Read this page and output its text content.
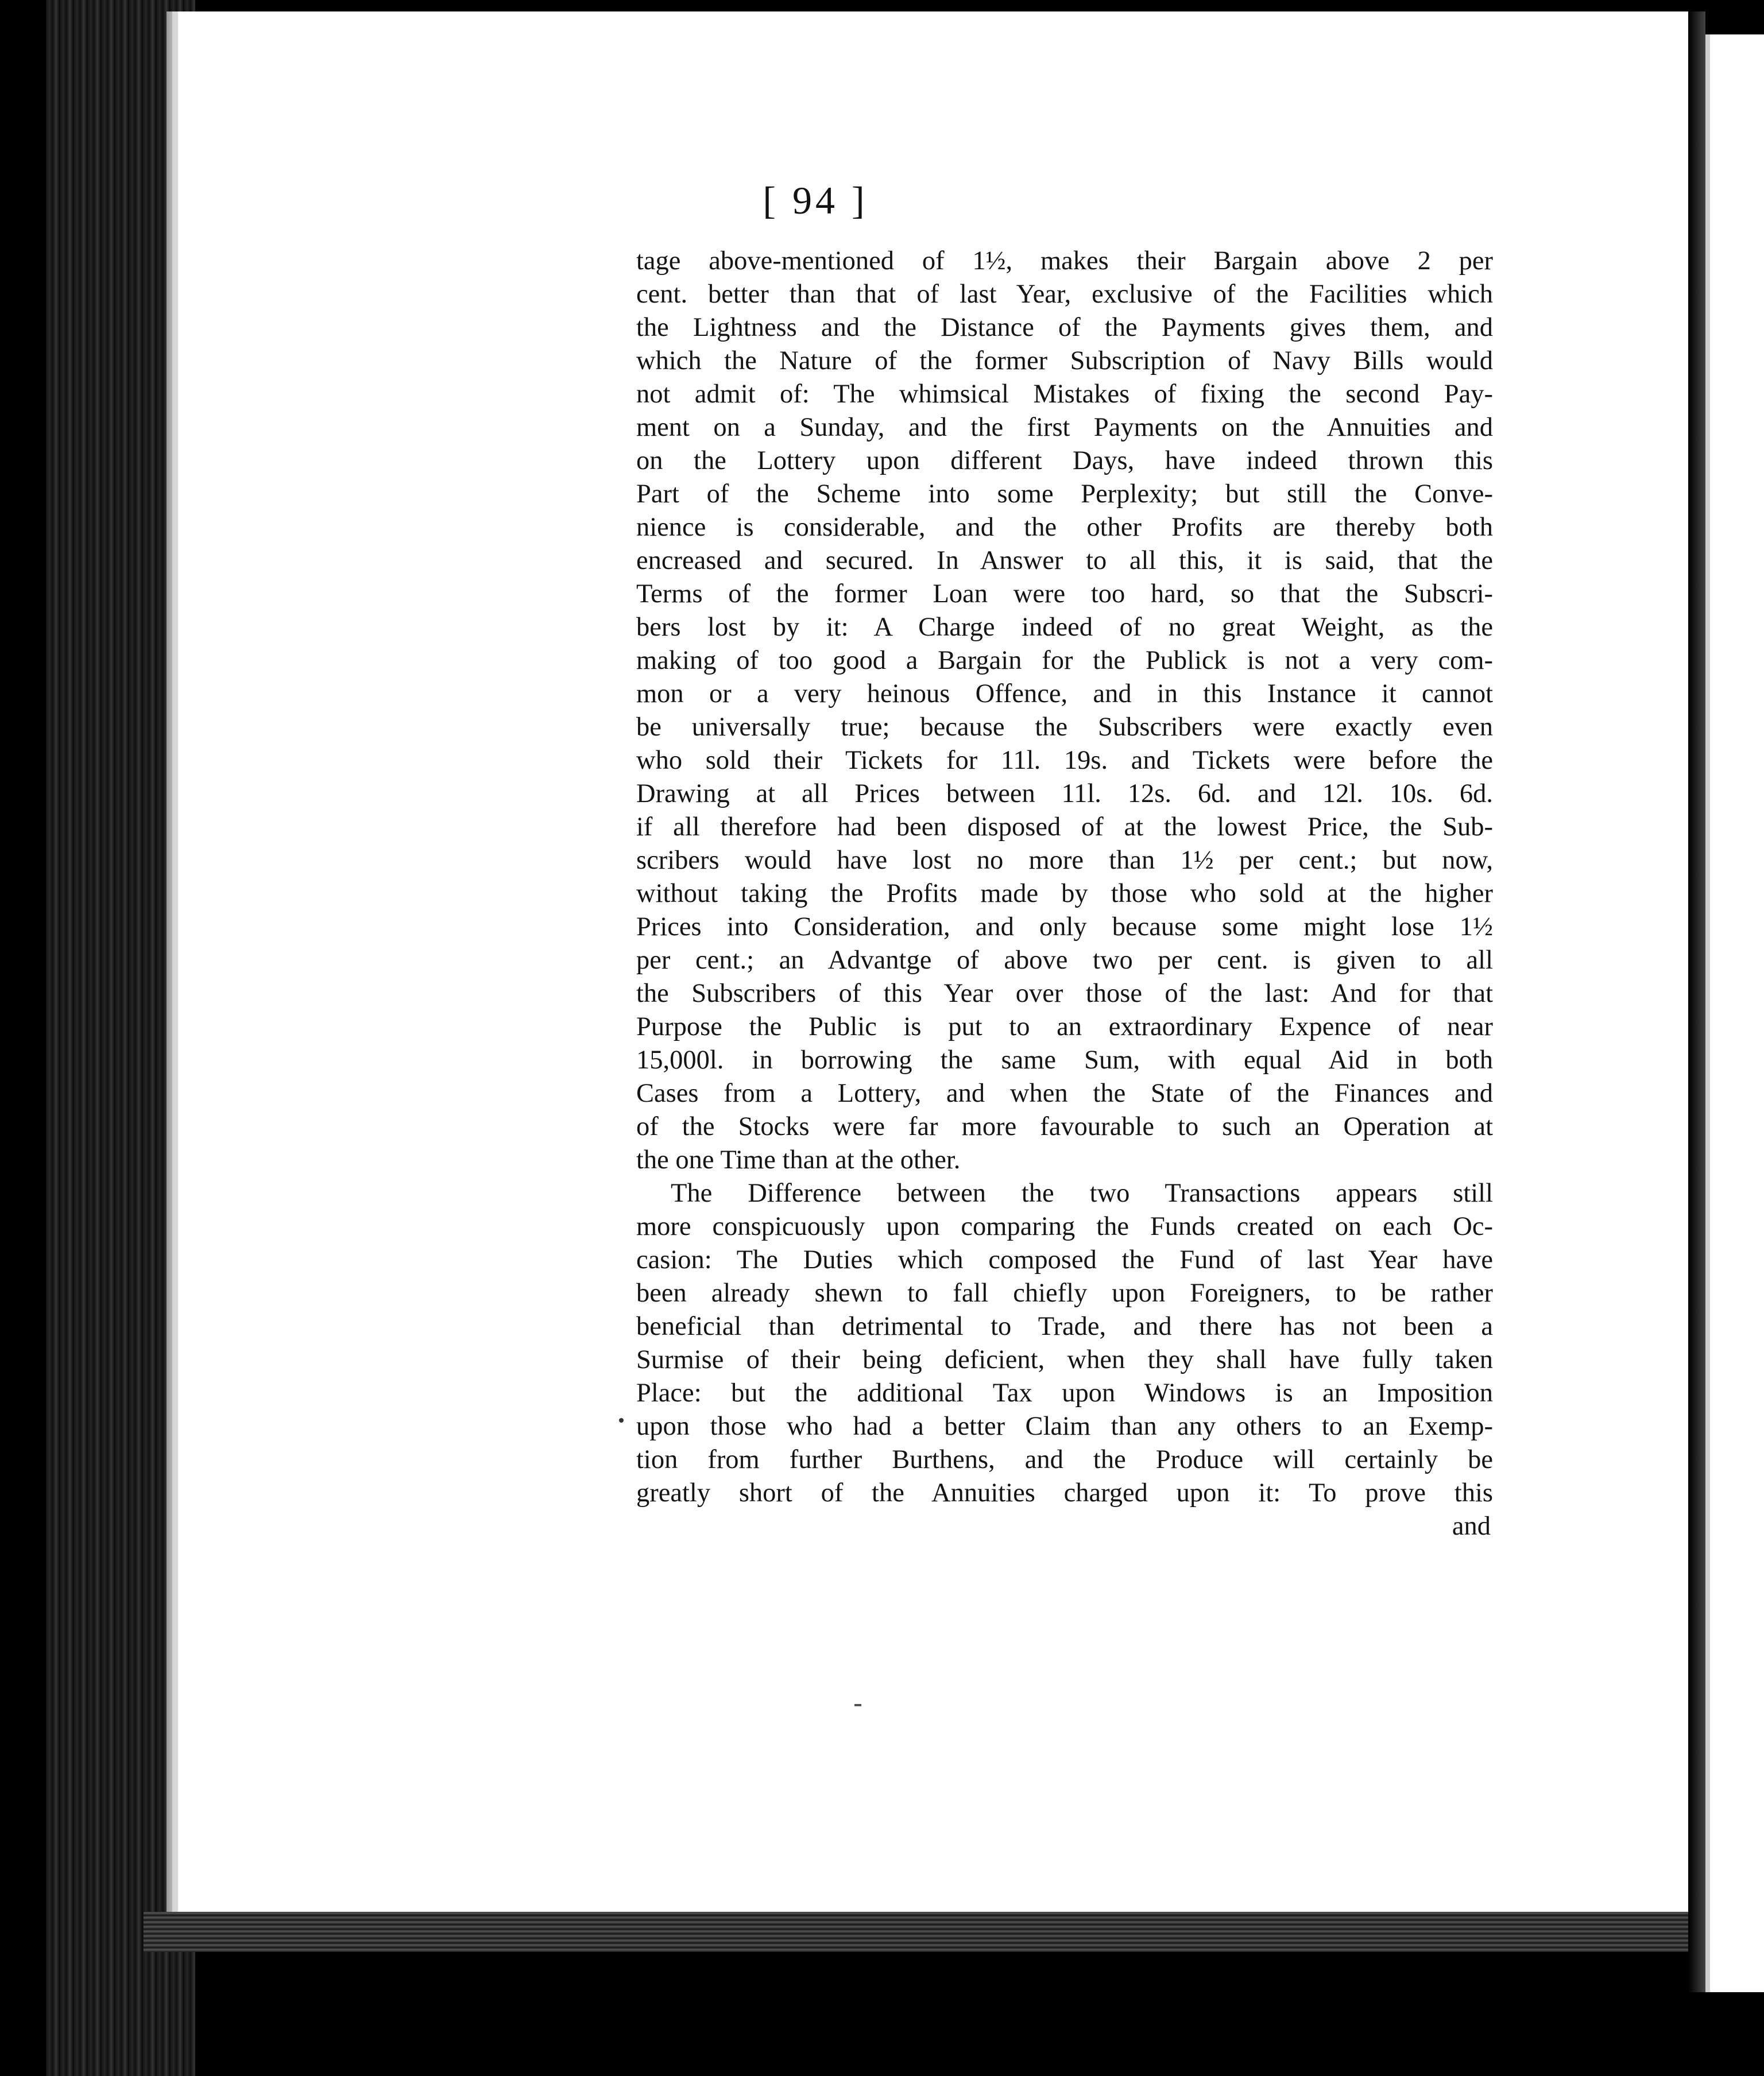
[ 94 ]
tage above-mentioned of 1½, makes their Bargain above 2 per
cent. better than that of last Year, exclusive of the Facilities which
the Lightness and the Distance of the Payments gives them, and
which the Nature of the former Subscription of Navy Bills would
not admit of: The whimsical Mistakes of fixing the second Pay-
ment on a Sunday, and the first Payments on the Annuities and
on the Lottery upon different Days, have indeed thrown this
Part of the Scheme into some Perplexity; but still the Conve-
nience is considerable, and the other Profits are thereby both
encreased and secured. In Answer to all this, it is said, that the
Terms of the former Loan were too hard, so that the Subscri-
bers lost by it: A Charge indeed of no great Weight, as the
making of too good a Bargain for the Publick is not a very com-
mon or a very heinous Offence, and in this Instance it cannot
be universally true; because the Subscribers were exactly even
who sold their Tickets for 11l. 19s. and Tickets were before the
Drawing at all Prices between 11l. 12s. 6d. and 12l. 10s. 6d.
if all therefore had been disposed of at the lowest Price, the Sub-
scribers would have lost no more than 1½ per cent.; but now,
without taking the Profits made by those who sold at the higher
Prices into Consideration, and only because some might lose 1½
per cent.; an Advantge of above two per cent. is given to all
the Subscribers of this Year over those of the last: And for that
Purpose the Public is put to an extraordinary Expence of near
15,000l. in borrowing the same Sum, with equal Aid in both
Cases from a Lottery, and when the State of the Finances and
of the Stocks were far more favourable to such an Operation at
the one Time than at the other.
The Difference between the two Transactions appears still
more conspicuously upon comparing the Funds created on each Oc-
casion: The Duties which composed the Fund of last Year have
been already shewn to fall chiefly upon Foreigners, to be rather
beneficial than detrimental to Trade, and there has not been a
Surmise of their being deficient, when they shall have fully taken
Place: but the additional Tax upon Windows is an Imposition
upon those who had a better Claim than any others to an Exemp-
tion from further Burthens, and the Produce will certainly be
greatly short of the Annuities charged upon it: To prove this
and
